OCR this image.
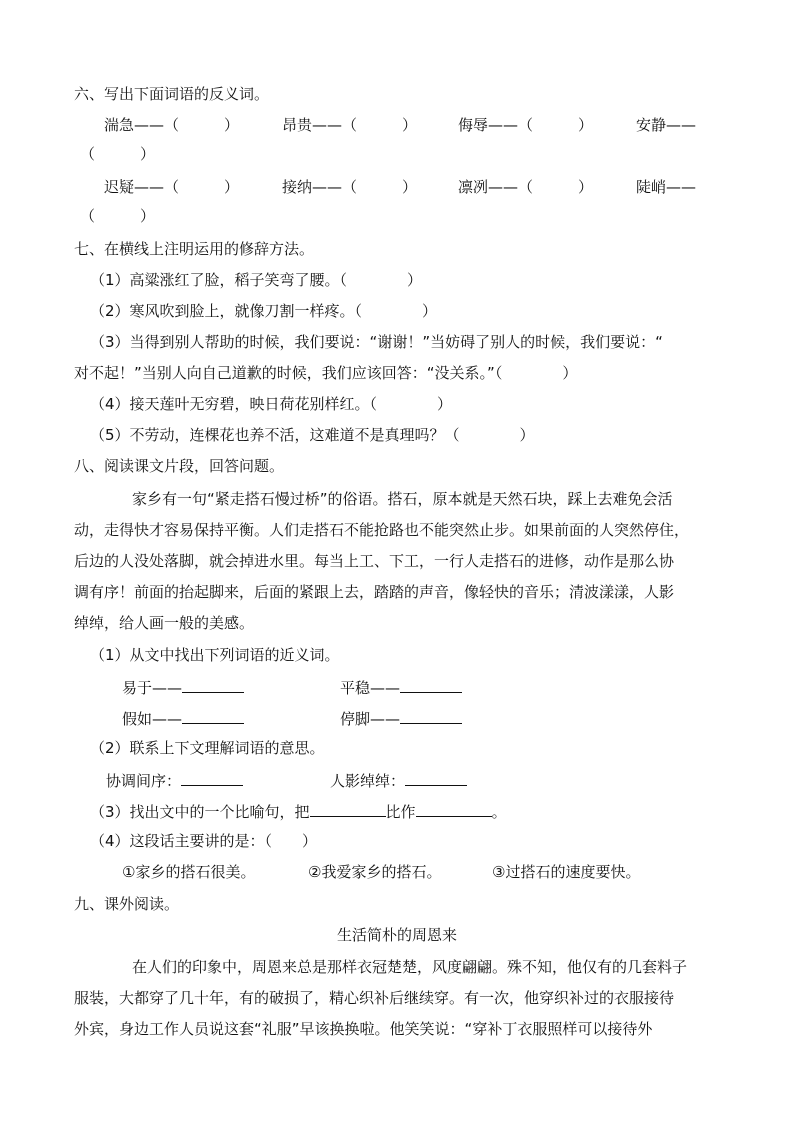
六、写出下面词语的反义词。
湍急——（　　　）	昂贵——（　　　）	侮辱——（　　　）	安静——
（　　　）
迟疑——（　　　）	接纳——（　　　）	凛冽——（　　　）	陡峭——
（　　　）
七、在横线上注明运用的修辞方法。
（1）高粱涨红了脸，稻子笑弯了腰。（　　　　）
（2）寒风吹到脸上，就像刀割一样疼。（　　　　）
（3）当得到别人帮助的时候，我们要说：“谢谢！”当妨碍了别人的时候，我们要说：“
对不起！”当别人向自己道歉的时候，我们应该回答：“没关系。”（　　　　）
（4）接天莲叶无穷碧，映日荷花别样红。（　　　　）
（5）不劳动，连棵花也养不活，这难道不是真理吗？（　　　　）
八、阅读课文片段，回答问题。
家乡有一句“紧走搭石慢过桥”的俗语。搭石，原本就是天然石块，踩上去难免会活
动，走得快才容易保持平衡。人们走搭石不能抢路也不能突然止步。如果前面的人突然停住，
后边的人没处落脚，就会掉进水里。每当上工、下工，一行人走搭石的进修，动作是那么协
调有序！前面的抬起脚来，后面的紧跟上去，踏踏的声音，像轻快的音乐；清波漾漾，人影
绰绰，给人画一般的美感。
（1）从文中找出下列词语的近义词。
易于——	平稳——
假如——	停脚——
（2）联系上下文理解词语的意思。
协调间序：	人影绰绰：
（3）找出文中的一个比喻句，把	比作	。
（4）这段话主要讲的是：（　　）
①家乡的搭石很美。	②我爱家乡的搭石。	③过搭石的速度要快。
九、课外阅读。
生活简朴的周恩来
在人们的印象中，周恩来总是那样衣冠楚楚，风度翩翩。殊不知，他仅有的几套料子
服装，大都穿了几十年，有的破损了，精心织补后继续穿。有一次，他穿织补过的衣服接待
外宾，身边工作人员说这套“礼服”早该换换啦。他笑笑说：“穿补丁衣服照样可以接待外
